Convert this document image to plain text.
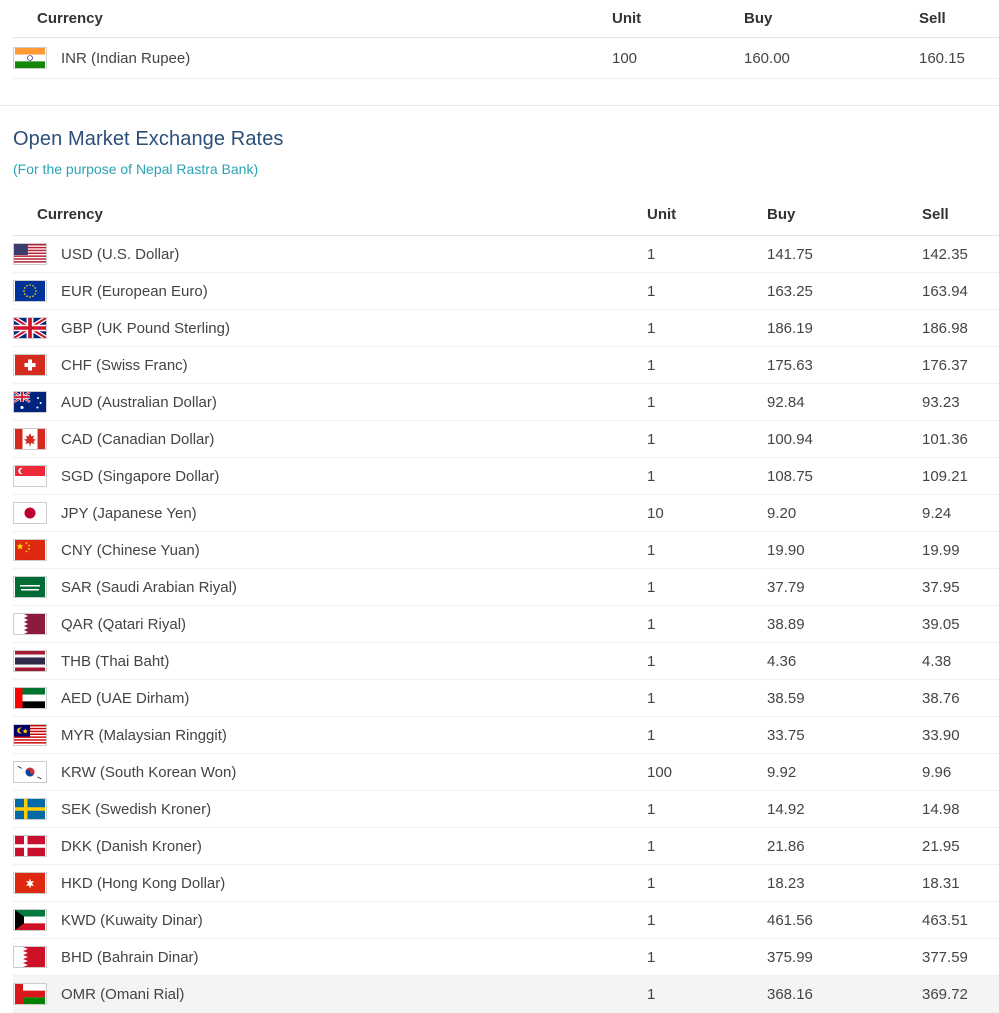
Currency	Unit	Buy	Sell

INR (Indian Rupee)	100	160.00	160.15
Open Market Exchange Rates
(For the purpose of Nepal Rastra Bank)
Currency	Unit	Buy	Sell

USD (U.S. Dollar)	1	141.75	142.35

EUR (European Euro)	1	163.25	163.94

GBP (UK Pound Sterling)	1	186.19	186.98

CHF (Swiss Franc)	1	175.63	176.37

AUD (Australian Dollar)	1	92.84	93.23

CAD (Canadian Dollar)	1	100.94	101.36

SGD (Singapore Dollar)	1	108.75	109.21

JPY (Japanese Yen)	10	9.20	9.24

CNY (Chinese Yuan)	1	19.90	19.99

SAR (Saudi Arabian Riyal)	1	37.79	37.95

QAR (Qatari Riyal)	1	38.89	39.05

THB (Thai Baht)	1	4.36	4.38

AED (UAE Dirham)	1	38.59	38.76

MYR (Malaysian Ringgit)	1	33.75	33.90

KRW (South Korean Won)	100	9.92	9.96

SEK (Swedish Kroner)	1	14.92	14.98

DKK (Danish Kroner)	1	21.86	21.95

HKD (Hong Kong Dollar)	1	18.23	18.31

KWD (Kuwaity Dinar)	1	461.56	463.51

BHD (Bahrain Dinar)	1	375.99	377.59

OMR (Omani Rial)	1	368.16	369.72
